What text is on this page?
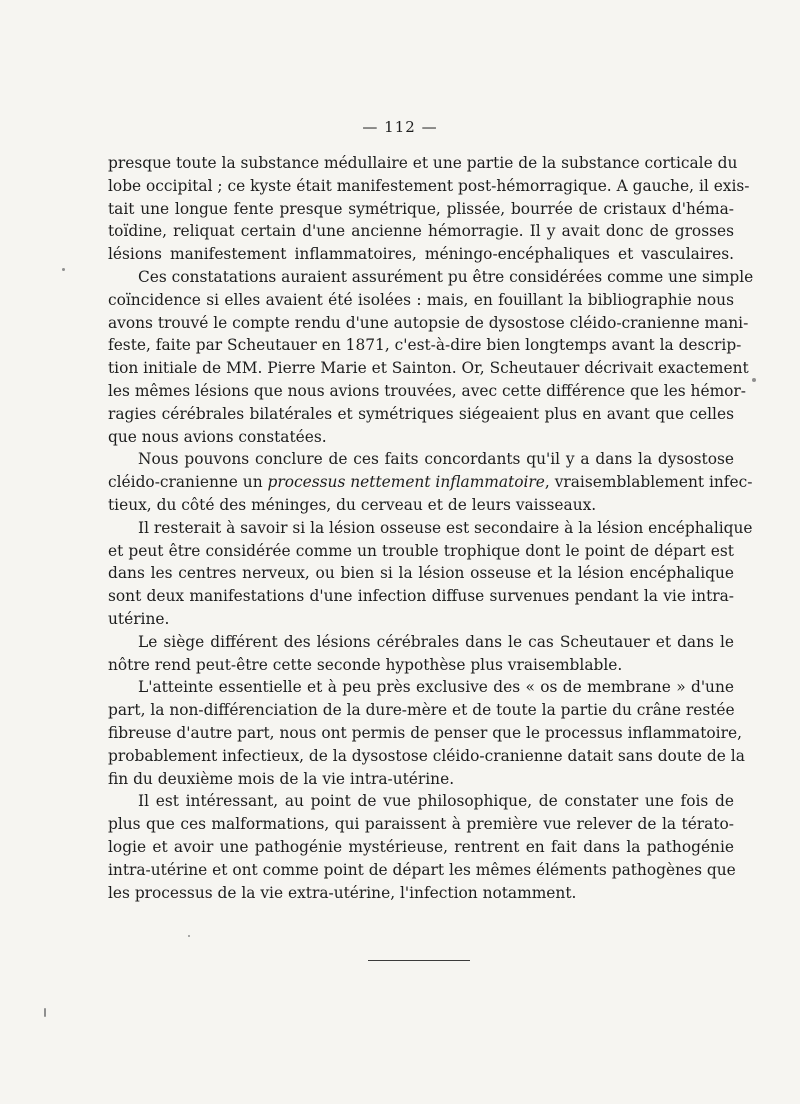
— 112 —
presque toute la substance médullaire et une partie de la substance corticale du
lobe occipital ; ce kyste était manifestement post-hémorragique. A gauche, il exis-
tait une longue fente presque symétrique, plissée, bourrée de cristaux d'héma-
toïdine, reliquat certain d'une ancienne hémorragie. Il y avait donc de grosses
lésions manifestement inflammatoires, méningo-encéphaliques et vasculaires.
Ces constatations auraient assurément pu être considérées comme une simple
coïncidence si elles avaient été isolées : mais, en fouillant la bibliographie nous
avons trouvé le compte rendu d'une autopsie de dysostose cléido-cranienne mani-
feste, faite par Scheutauer en 1871, c'est-à-dire bien longtemps avant la descrip-
tion initiale de MM. Pierre Marie et Sainton. Or, Scheutauer décrivait exactement
les mêmes lésions que nous avions trouvées, avec cette différence que les hémor-
ragies cérébrales bilatérales et symétriques siégeaient plus en avant que celles
que nous avions constatées.
Nous pouvons conclure de ces faits concordants qu'il y a dans la dysostose
cléido-cranienne un processus nettement inflammatoire, vraisemblablement infec-
tieux, du côté des méninges, du cerveau et de leurs vaisseaux.
Il resterait à savoir si la lésion osseuse est secondaire à la lésion encéphalique
et peut être considérée comme un trouble trophique dont le point de départ est
dans les centres nerveux, ou bien si la lésion osseuse et la lésion encéphalique
sont deux manifestations d'une infection diffuse survenues pendant la vie intra-
utérine.
Le siège différent des lésions cérébrales dans le cas Scheutauer et dans le
nôtre rend peut-être cette seconde hypothèse plus vraisemblable.
L'atteinte essentielle et à peu près exclusive des « os de membrane » d'une
part, la non-différenciation de la dure-mère et de toute la partie du crâne restée
fibreuse d'autre part, nous ont permis de penser que le processus inflammatoire,
probablement infectieux, de la dysostose cléido-cranienne datait sans doute de la
fin du deuxième mois de la vie intra-utérine.
Il est intéressant, au point de vue philosophique, de constater une fois de
plus que ces malformations, qui paraissent à première vue relever de la térato-
logie et avoir une pathogénie mystérieuse, rentrent en fait dans la pathogénie
intra-utérine et ont comme point de départ les mêmes éléments pathogènes que
les processus de la vie extra-utérine, l'infection notamment.
